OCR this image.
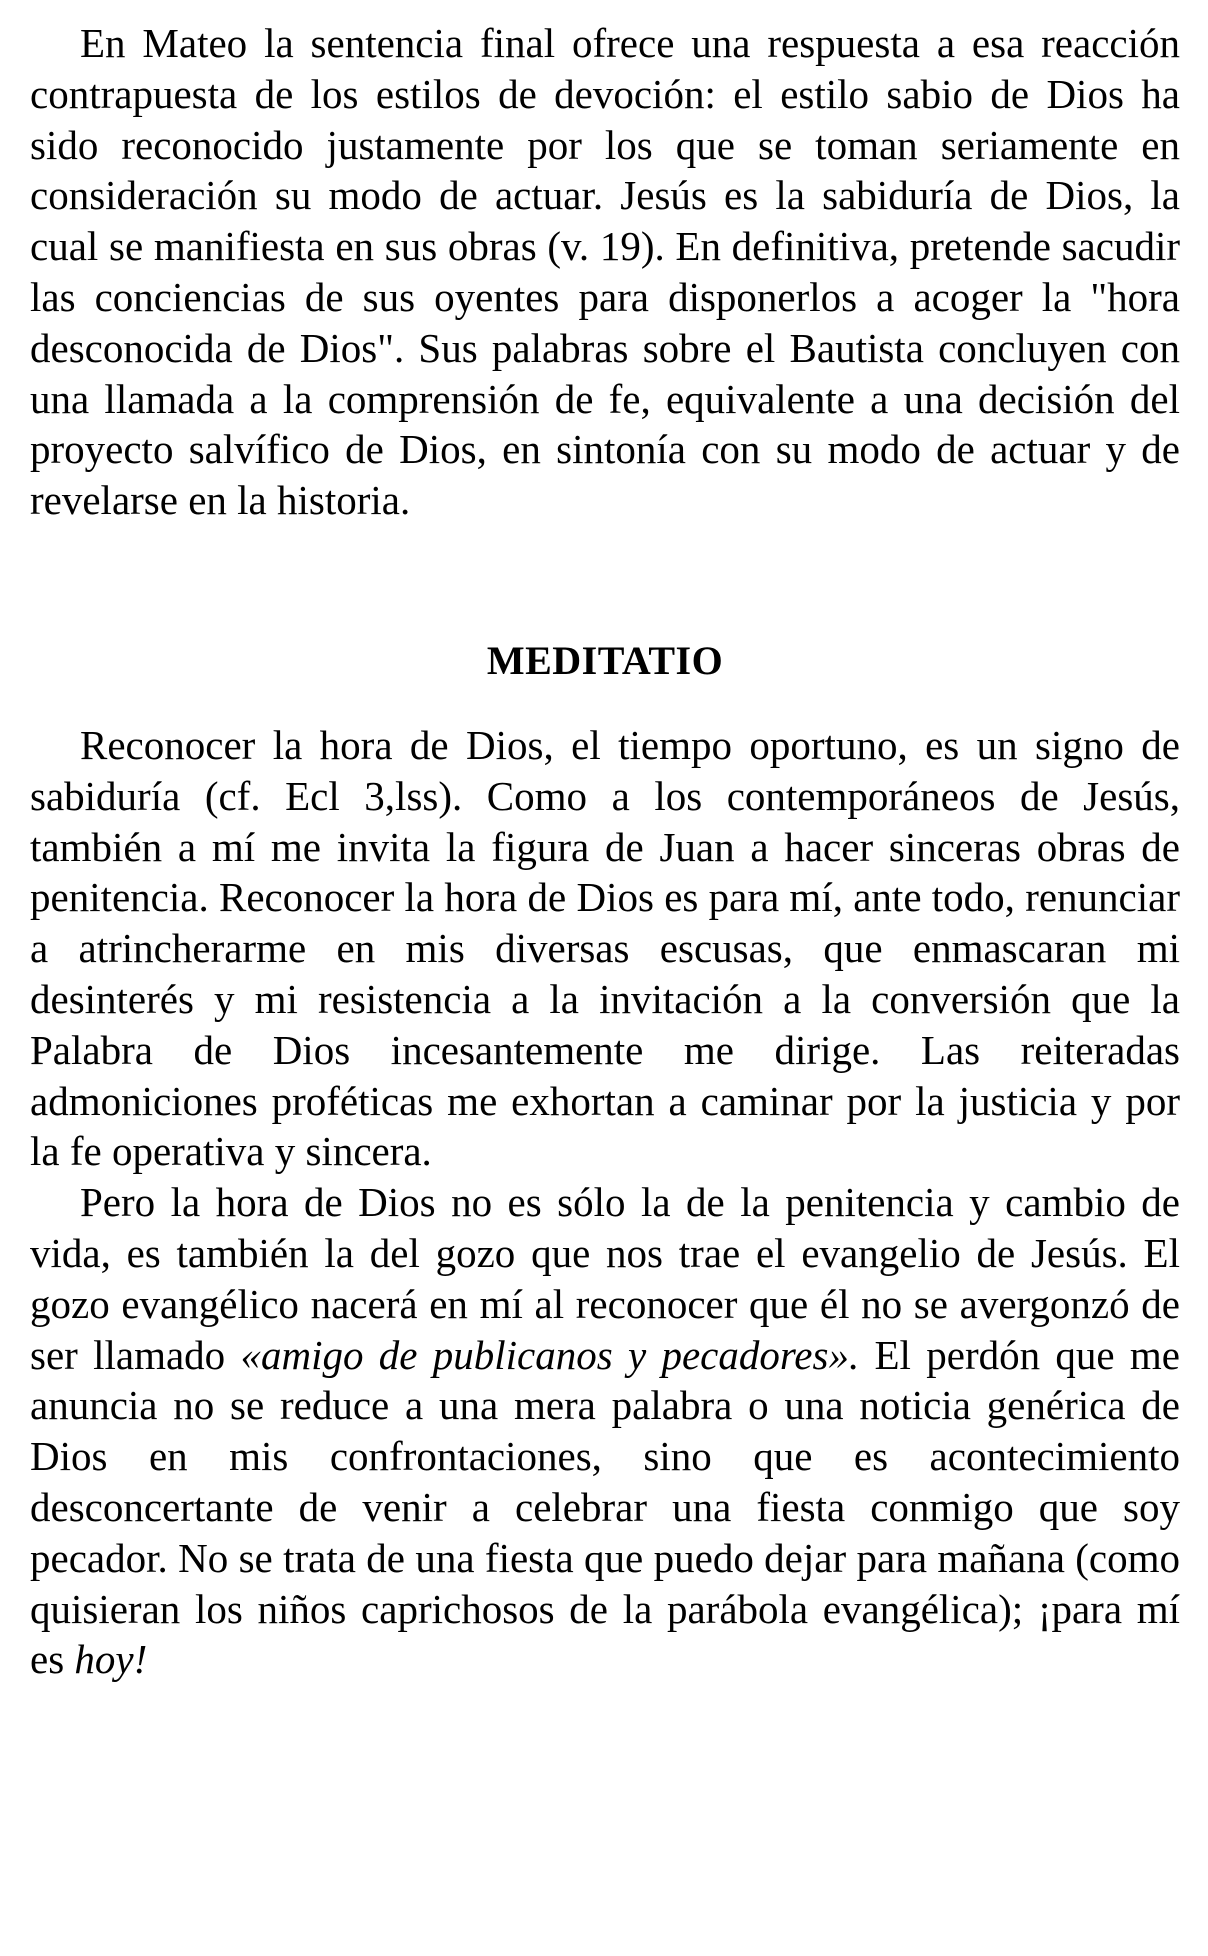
En Mateo la sentencia final ofrece una respuesta a esa reacción contrapuesta de los estilos de devoción: el estilo sabio de Dios ha sido reconocido justamente por los que se toman seriamente en consideración su modo de actuar. Jesús es la sabiduría de Dios, la cual se manifiesta en sus obras (v. 19). En definitiva, pretende sacudir las conciencias de sus oyentes para disponerlos a acoger la "hora desconocida de Dios". Sus palabras sobre el Bautista concluyen con una llamada a la comprensión de fe, equivalente a una decisión del proyecto salvífico de Dios, en sintonía con su modo de actuar y de revelarse en la historia.

MEDITATIO

Reconocer la hora de Dios, el tiempo oportuno, es un signo de sabiduría (cf. Ecl 3,lss). Como a los contemporáneos de Jesús, también a mí me invita la figura de Juan a hacer sinceras obras de penitencia. Reconocer la hora de Dios es para mí, ante todo, renunciar a atrincherarme en mis diversas escusas, que enmascaran mi desinterés y mi resistencia a la invitación a la conversión que la Palabra de Dios incesantemente me dirige. Las reiteradas admoniciones proféticas me exhortan a caminar por la justicia y por la fe operativa y sincera.

Pero la hora de Dios no es sólo la de la penitencia y cambio de vida, es también la del gozo que nos trae el evangelio de Jesús. El gozo evangélico nacerá en mí al reconocer que él no se avergonzó de ser llamado «amigo de publicanos y pecadores». El perdón que me anuncia no se reduce a una mera palabra o una noticia genérica de Dios en mis confrontaciones, sino que es acontecimiento desconcertante de venir a celebrar una fiesta conmigo que soy pecador. No se trata de una fiesta que puedo dejar para mañana (como quisieran los niños caprichosos de la parábola evangélica); ¡para mí es hoy!
